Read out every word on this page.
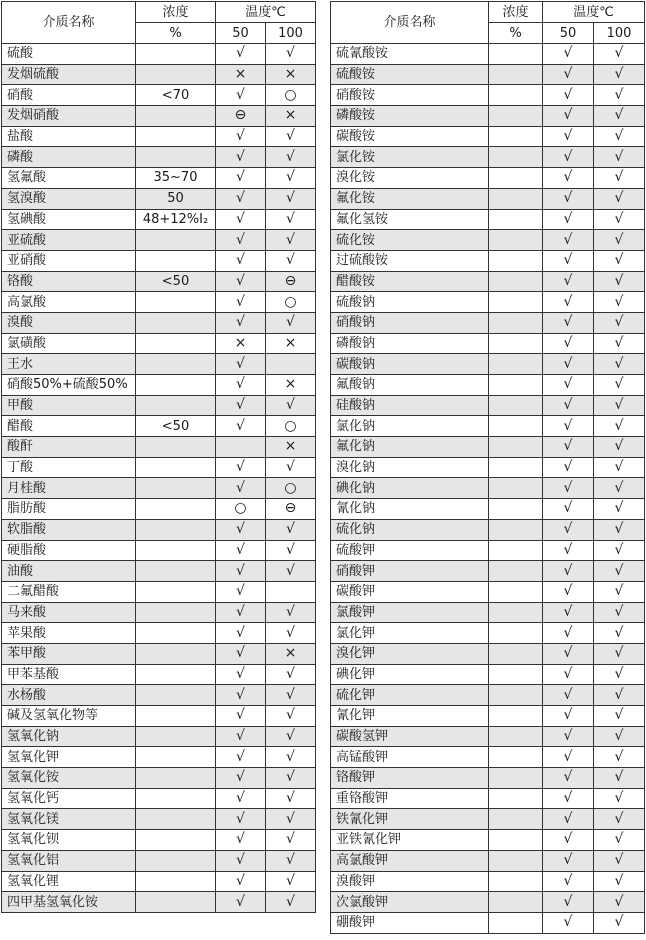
介质名称	浓度	温度℃	
	%	50	100
硫酸		√	√
发烟硫酸		×	×
硝酸	<70	√	○
发烟硝酸		⊖	×
盐酸		√	√
磷酸		√	√
氢氟酸	35~70	√	√
氢溴酸	50	√	√
氢碘酸	48+12%I₂	√	√
亚硫酸		√	√
亚硝酸		√	√
铬酸	<50	√	⊖
高氯酸		√	○
溴酸		√	√
氯磺酸		×	×
王水		√	
硝酸50%+硫酸50%		√	×
甲酸		√	√
醋酸	<50	√	○
酸酐			×
丁酸		√	√
月桂酸		√	○
脂肪酸		○	⊖
软脂酸		√	√
硬脂酸		√	√
油酸		√	√
二氟醋酸		√	
马来酸		√	√
苹果酸		√	√
苯甲酸		√	×
甲苯基酸		√	√
水杨酸		√	√
碱及氢氧化物等		√	√
氢氧化钠		√	√
氢氧化钾		√	√
氢氧化铵		√	√
氢氧化钙		√	√
氢氧化镁		√	√
氢氧化钡		√	√
氢氧化铝		√	√
氢氧化锂		√	√
四甲基氢氧化铵		√	√
介质名称	浓度	温度℃	
	%	50	100
硫氰酸铵		√	√
硫酸铵		√	√
硝酸铵		√	√
磷酸铵		√	√
碳酸铵		√	√
氯化铵		√	√
溴化铵		√	√
氟化铵		√	√
氟化氢铵		√	√
硫化铵		√	√
过硫酸铵		√	√
醋酸铵		√	√
硫酸钠		√	√
硝酸钠		√	√
磷酸钠		√	√
碳酸钠		√	√
氟酸钠		√	√
硅酸钠		√	√
氯化钠		√	√
氟化钠		√	√
溴化钠		√	√
碘化钠		√	√
氰化钠		√	√
硫化钠		√	√
硫酸钾		√	√
硝酸钾		√	√
碳酸钾		√	√
氯酸钾		√	√
氯化钾		√	√
溴化钾		√	√
碘化钾		√	√
硫化钾		√	√
氰化钾		√	√
碳酸氢钾		√	√
高锰酸钾		√	√
铬酸钾		√	√
重铬酸钾		√	√
铁氰化钾		√	√
亚铁氰化钾		√	√
高氯酸钾		√	√
溴酸钾		√	√
次氯酸钾		√	√
硼酸钾		√	√
